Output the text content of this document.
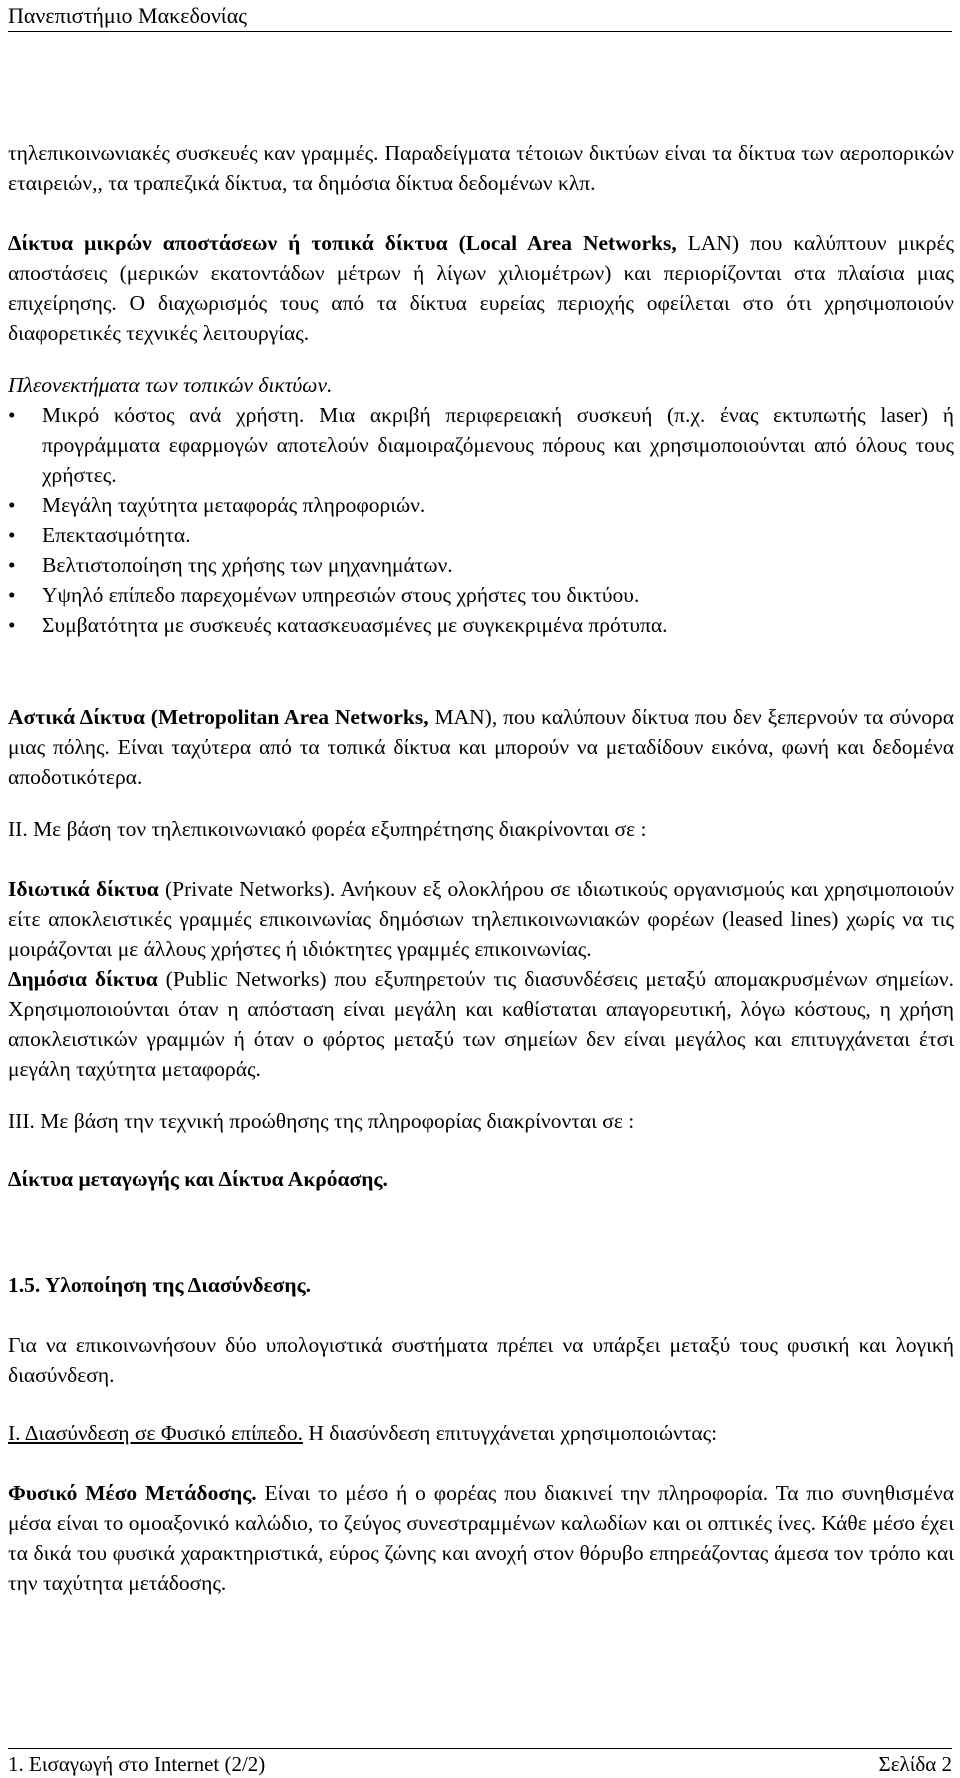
Πανεπιστήμιο Μακεδονίας

τηλεπικοινωνιακές συσκευές καν γραμμές. Παραδείγματα τέτοιων δικτύων είναι τα δίκτυα των αεροπορικών εταιρειών,, τα τραπεζικά δίκτυα, τα δημόσια δίκτυα δεδομένων κλπ.

Δίκτυα μικρών αποστάσεων ή τοπικά δίκτυα (Local Area Networks, LAN) που καλύπτουν μικρές αποστάσεις (μερικών εκατοντάδων μέτρων ή λίγων χιλιομέτρων) και περιορίζονται στα πλαίσια μιας επιχείρησης. Ο διαχωρισμός τους από τα δίκτυα ευρείας περιοχής οφείλεται στο ότι χρησιμοποιούν διαφορετικές τεχνικές λειτουργίας.

Πλεονεκτήματα των τοπικών δικτύων.

• Μικρό κόστος ανά χρήστη. Μια ακριβή περιφερειακή συσκευή (π.χ. ένας εκτυπωτής laser) ή προγράμματα εφαρμογών αποτελούν διαμοιραζόμενους πόρους και χρησιμοποιούνται από όλους τους χρήστες.
• Μεγάλη ταχύτητα μεταφοράς πληροφοριών.
• Επεκτασιμότητα.
• Βελτιστοποίηση της χρήσης των μηχανημάτων.
• Υψηλό επίπεδο παρεχομένων υπηρεσιών στους χρήστες του δικτύου.
• Συμβατότητα με συσκευές κατασκευασμένες με συγκεκριμένα πρότυπα.

Αστικά Δίκτυα (Metropolitan Area Networks, MAN), που καλύπουν δίκτυα που δεν ξεπερνούν τα σύνορα μιας πόλης. Είναι ταχύτερα από τα τοπικά δίκτυα και μπορούν να μεταδίδουν εικόνα, φωνή και δεδομένα αποδοτικότερα.

II. Με βάση τον τηλεπικοινωνιακό φορέα εξυπηρέτησης διακρίνονται σε :

Ιδιωτικά δίκτυα (Private Networks). Ανήκουν εξ ολοκλήρου σε ιδιωτικούς οργανισμούς και χρησιμοποιούν είτε αποκλειστικές γραμμές επικοινωνίας δημόσιων τηλεπικοινωνιακών φορέων (leased lines) χωρίς να τις μοιράζονται με άλλους χρήστες ή ιδιόκτητες γραμμές επικοινωνίας.

Δημόσια δίκτυα (Public Networks) που εξυπηρετούν τις διασυνδέσεις μεταξύ απομακρυσμένων σημείων. Χρησιμοποιούνται όταν η απόσταση είναι μεγάλη και καθίσταται απαγορευτική, λόγω κόστους, η χρήση αποκλειστικών γραμμών ή όταν ο φόρτος μεταξύ των σημείων δεν είναι μεγάλος και επιτυγχάνεται έτσι μεγάλη ταχύτητα μεταφοράς.

III. Με βάση την τεχνική προώθησης της πληροφορίας διακρίνονται σε :

Δίκτυα μεταγωγής και Δίκτυα Ακρόασης.

1.5. Υλοποίηση της Διασύνδεσης.

Για να επικοινωνήσουν δύο υπολογιστικά συστήματα πρέπει να υπάρξει μεταξύ τους φυσική και λογική διασύνδεση.

Ι. Διασύνδεση σε Φυσικό επίπεδο. Η διασύνδεση επιτυγχάνεται χρησιμοποιώντας:

Φυσικό Μέσο Μετάδοσης. Είναι το μέσο ή ο φορέας που διακινεί την πληροφορία. Τα πιο συνηθισμένα μέσα είναι το ομοαξονικό καλώδιο, το ζεύγος συνεστραμμένων καλωδίων και οι οπτικές ίνες. Κάθε μέσο έχει τα δικά του φυσικά χαρακτηριστικά, εύρος ζώνης και ανοχή στον θόρυβο επηρεάζοντας άμεσα τον τρόπο και την ταχύτητα μετάδοσης.

1. Εισαγωγή στο Internet (2/2)	Σελίδα 2
